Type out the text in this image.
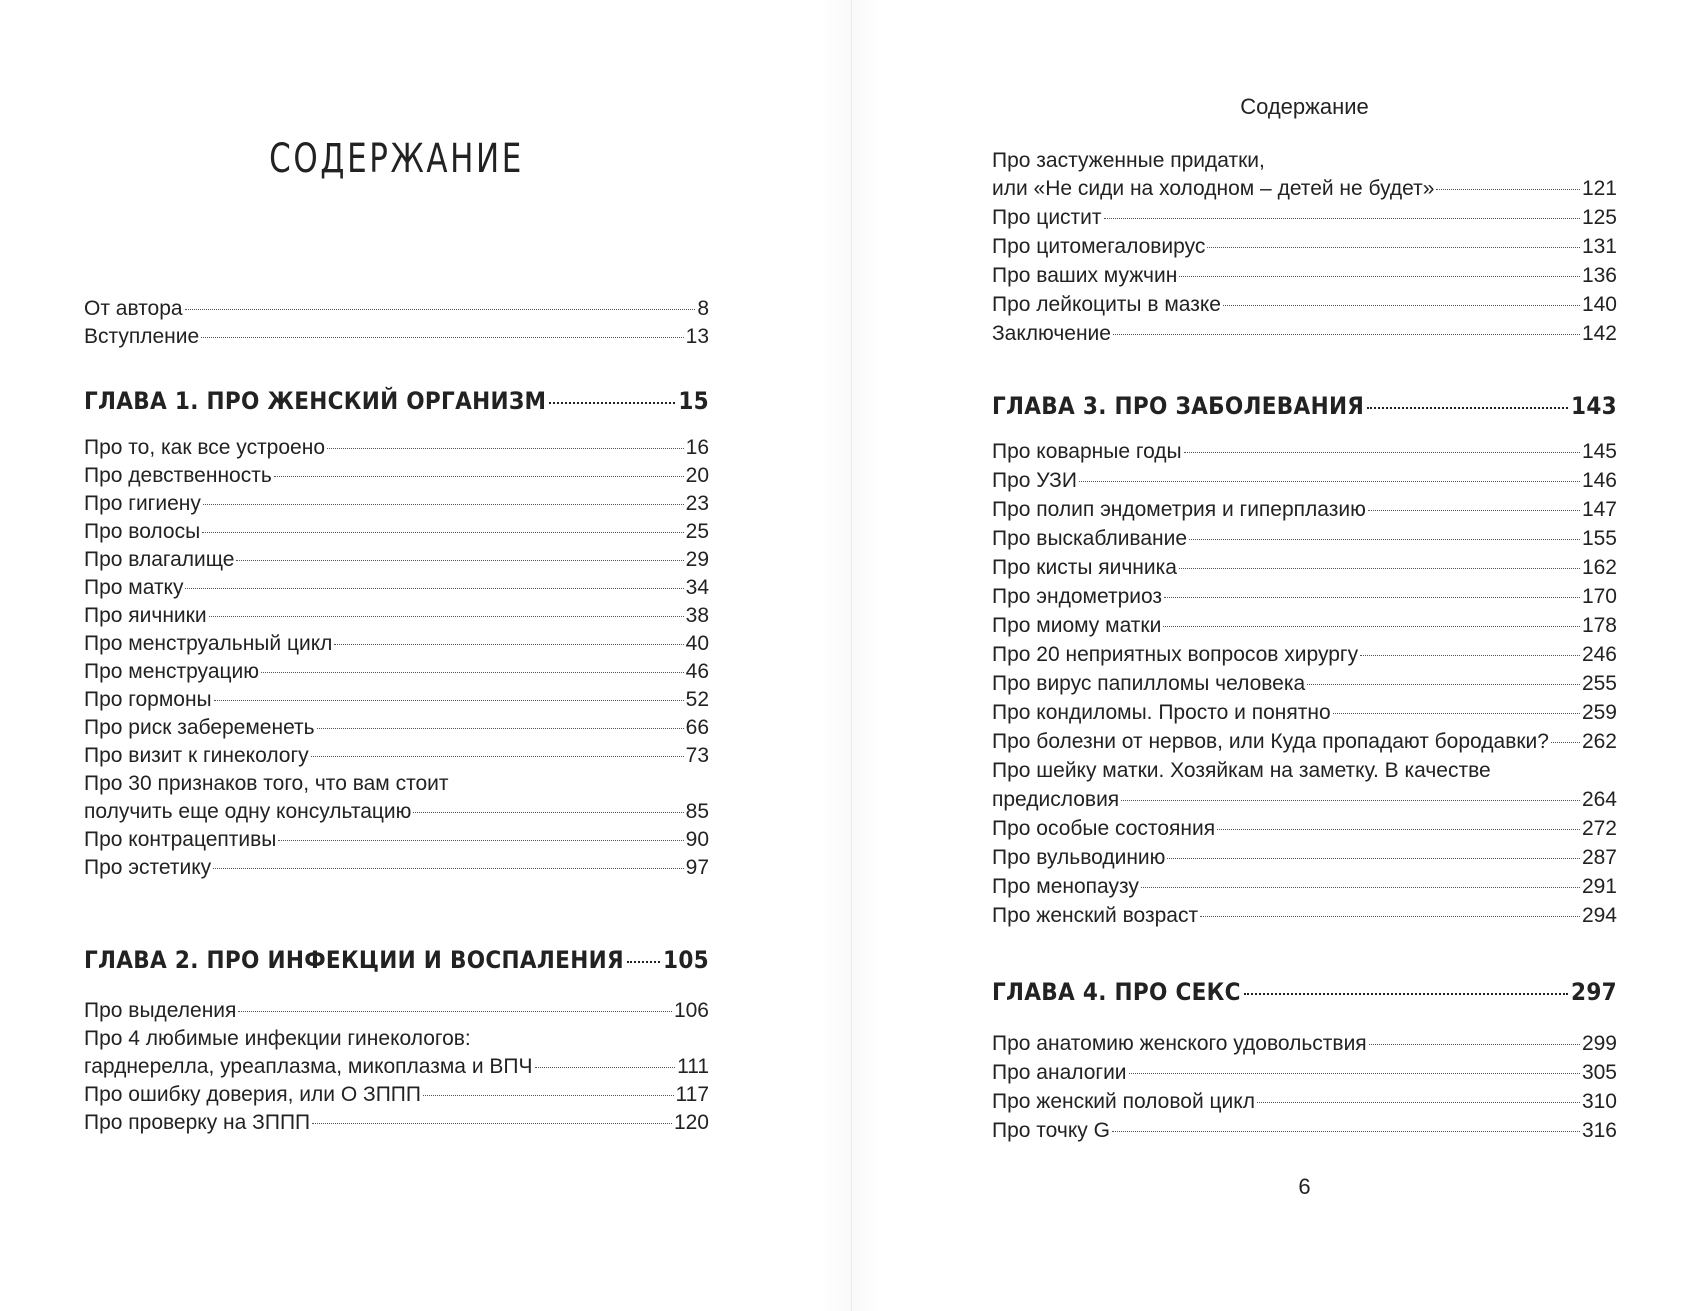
СОДЕРЖАНИЕ
От автора	8
Вступление	13
ГЛАВА 1. ПРО ЖЕНСКИЙ ОРГАНИЗМ	15
Про то, как все устроено	16
Про девственность	20
Про гигиену	23
Про волосы	25
Про влагалище	29
Про матку	34
Про яичники	38
Про менструальный цикл	40
Про менструацию	46
Про гормоны	52
Про риск забеременеть	66
Про визит к гинекологу	73
Про 30 признаков того, что вам стоит
получить еще одну консультацию	85
Про контрацептивы	90
Про эстетику	97
ГЛАВА 2. ПРО ИНФЕКЦИИ И ВОСПАЛЕНИЯ 105
Про выделения	106
Про 4 любимые инфекции гинекологов:
гарднерелла, уреаплазма, микоплазма и ВПЧ	111
Про ошибку доверия, или О ЗППП	117
Про проверку на ЗППП	120
Содержание
Про застуженные придатки,
или «Не сиди на холодном – детей не будет»	121
Про цистит	125
Про цитомегаловирус	131
Про ваших мужчин	136
Про лейкоциты в мазке	140
Заключение	142
ГЛАВА 3. ПРО ЗАБОЛЕВАНИЯ	143
Про коварные годы	145
Про УЗИ	146
Про полип эндометрия и гиперплазию	147
Про выскабливание	155
Про кисты яичника	162
Про эндометриоз	170
Про миому матки	178
Про 20 неприятных вопросов хирургу	246
Про вирус папилломы человека	255
Про кондиломы. Просто и понятно	259
Про болезни от нервов, или Куда пропадают бородавки? 262
Про шейку матки. Хозяйкам на заметку. В качестве
предисловия	264
Про особые состояния	272
Про вульводинию	287
Про менопаузу	291
Про женский возраст	294
ГЛАВА 4. ПРО СЕКС	297
Про анатомию женского удовольствия	299
Про аналогии	305
Про женский половой цикл	310
Про точку G	316
6
